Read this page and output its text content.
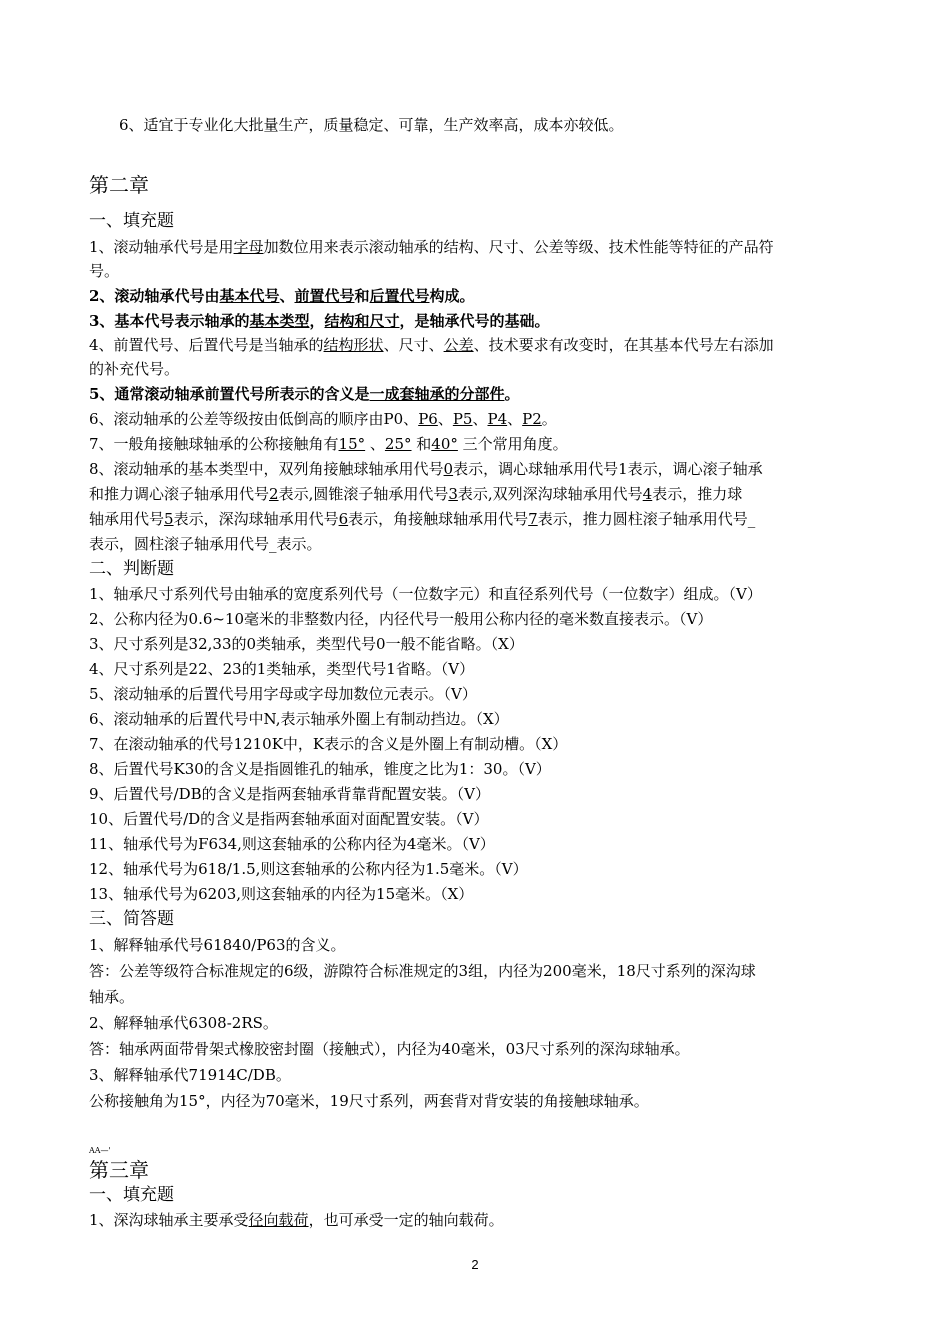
6、适宜于专业化大批量生产，质量稳定、可靠，生产效率高，成本亦较低。
第二章
一、填充题
1、滚动轴承代号是用字母加数位用来表示滚动轴承的结构、尺寸、公差等级、技术性能等特征的产品符
号。
2、滚动轴承代号由基本代号、前置代号和后置代号构成。
3、基本代号表示轴承的基本类型，结构和尺寸，是轴承代号的基础。
4、前置代号、后置代号是当轴承的结构形状、尺寸、公差、技术要求有改变时，在其基本代号左右添加
的补充代号。
5、通常滚动轴承前置代号所表示的含义是一成套轴承的分部件。
6、滚动轴承的公差等级按由低倒高的顺序由P0、P6、P5、P4、P2。
7、一般角接触球轴承的公称接触角有15° 、25° 和40° 三个常用角度。
8、滚动轴承的基本类型中，双列角接触球轴承用代号0表示，调心球轴承用代号1表示，调心滚子轴承
和推力调心滚子轴承用代号2表示,圆锥滚子轴承用代号3表示,双列深沟球轴承用代号4表示，推力球
轴承用代号5表示，深沟球轴承用代号6表示，角接触球轴承用代号7表示，推力圆柱滚子轴承用代号_
表示，圆柱滚子轴承用代号_表示。
二、判断题
1、轴承尺寸系列代号由轴承的宽度系列代号（一位数字元）和直径系列代号（一位数字）组成。（V）
2、公称内径为0.6~10毫米的非整数内径，内径代号一般用公称内径的毫米数直接表示。（V）
3、尺寸系列是32,33的0类轴承，类型代号0一般不能省略。（X）
4、尺寸系列是22、23的1类轴承，类型代号1省略。（V）
5、滚动轴承的后置代号用字母或字母加数位元表示。（V）
6、滚动轴承的后置代号中N,表示轴承外圈上有制动挡边。（X）
7、在滚动轴承的代号1210K中，K表示的含义是外圈上有制动槽。（X）
8、后置代号K30的含义是指圆锥孔的轴承，锥度之比为1：30。（V）
9、后置代号/DB的含义是指两套轴承背靠背配置安装。（V）
10、后置代号/D的含义是指两套轴承面对面配置安装。（V）
11、轴承代号为F634,则这套轴承的公称内径为4毫米。（V）
12、轴承代号为618/1.5,则这套轴承的公称内径为1.5毫米。（V）
13、轴承代号为6203,则这套轴承的内径为15毫米。（X）
三、简答题
1、解释轴承代号61840/P63的含义。
答：公差等级符合标准规定的6级，游隙符合标准规定的3组，内径为200毫米，18尺寸系列的深沟球
轴承。
2、解释轴承代6308-2RS。
答：轴承两面带骨架式橡胶密封圈（接触式），内径为40毫米，03尺寸系列的深沟球轴承。
3、解释轴承代71914C/DB。
公称接触角为15°，内径为70毫米，19尺寸系列，两套背对背安装的角接触球轴承。
AA—'
第三章
一、填充题
1、深沟球轴承主要承受径向载荷，也可承受一定的轴向载荷。
2
